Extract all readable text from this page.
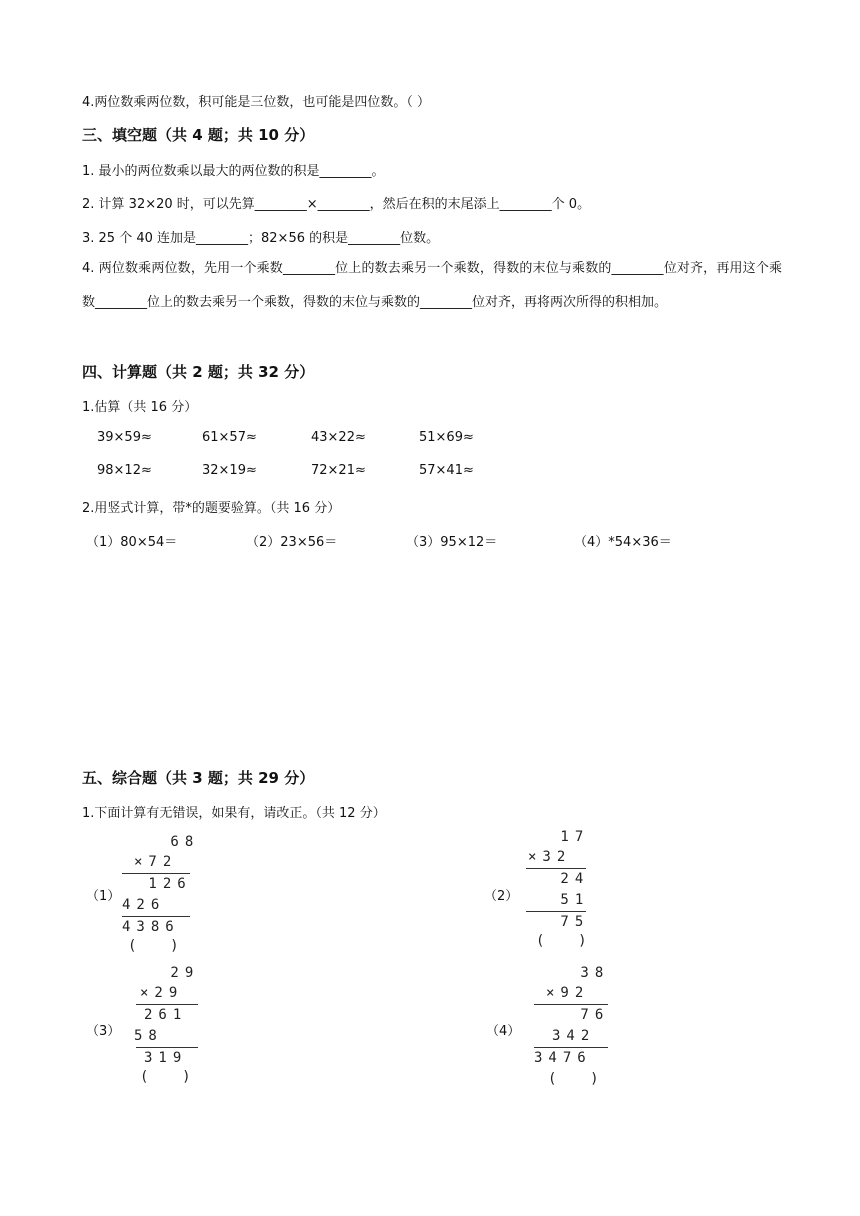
4.两位数乘两位数，积可能是三位数，也可能是四位数。（ ）
三、填空题（共 4 题；共 10 分）
1. 最小的两位数乘以最大的两位数的积是________。
2. 计算 32×20 时，可以先算________×________，然后在积的末尾添上________个 0。
3. 25 个 40 连加是________；82×56 的积是________位数。
4. 两位数乘两位数，先用一个乘数________位上的数去乘另一个乘数，得数的末位与乘数的________位对齐，再用这个乘数________位上的数去乘另一个乘数，得数的末位与乘数的________位对齐，再将两次所得的积相加。
四、计算题（共 2 题；共 32 分）
1.估算（共 16 分）
39×59≈	61×57≈	43×22≈	51×69≈
98×12≈	32×19≈	72×21≈	57×41≈
2.用竖式计算，带*的题要验算。（共 16 分）
（1）80×54＝	（2）23×56＝	（3）95×12＝	（4）*54×36＝
五、综合题（共 3 题；共 29 分）
1.下面计算有无错误，如果有，请改正。（共 12 分）
（1）
68
×72
126
426
4386
(    )
（2）
17
×32
24
51
75
(    )
（3）
29
×29
261
58
319
(    )
（4）
38
×92
76
342
3476
(    )
